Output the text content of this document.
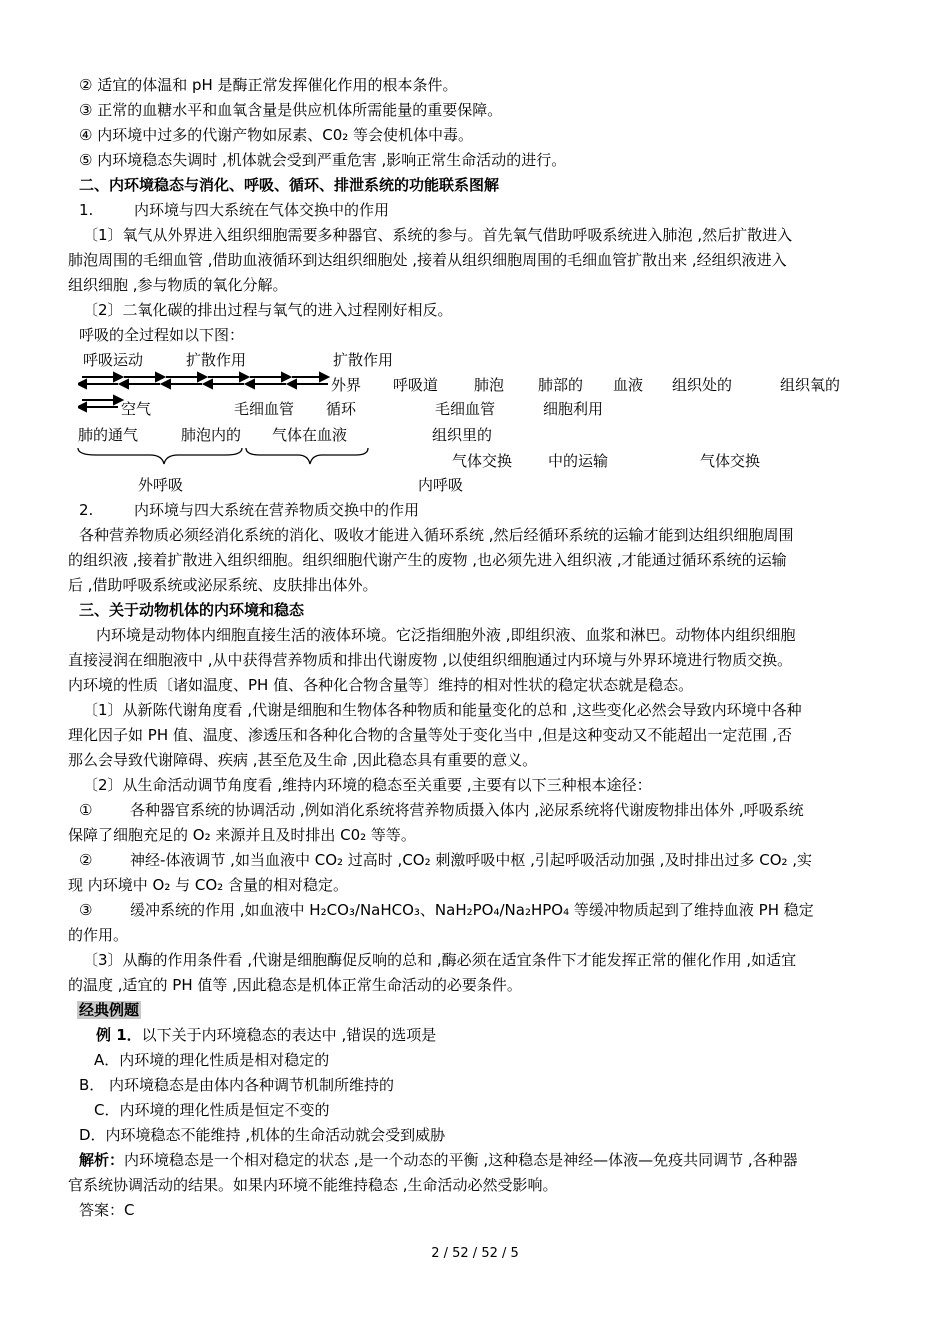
② 适宜的体温和 pH 是酶正常发挥催化作用的根本条件。
③ 正常的血糖水平和血氧含量是供应机体所需能量的重要保障。
④ 内环境中过多的代谢产物如尿素、C0₂ 等会使机体中毒。
⑤ 内环境稳态失调时 ,机体就会受到严重危害 ,影响正常生命活动的进行。
二、内环境稳态与消化、呼吸、循环、排泄系统的功能联系图解
1.	内环境与四大系统在气体交换中的作用
〔1〕氧气从外界进入组织细胞需要多种器官、系统的参与。首先氧气借助呼吸系统进入肺泡 ,然后扩散进入
肺泡周围的毛细血管 ,借助血液循环到达组织细胞处 ,接着从组织细胞周围的毛细血管扩散出来 ,经组织液进入
组织细胞 ,参与物质的氧化分解。
〔2〕二氧化碳的排出过程与氧气的进入过程刚好相反。
呼吸的全过程如以下图：
呼吸运动	扩散作用	扩散作用
外界 呼吸道 肺泡 肺部的 血液 组织处的	组织氧的
空气	毛细血管 循环	毛细血管	细胞利用
肺的通气	肺泡内的 气体在血液	组织里的
气体交换 中的运输	气体交换
外呼吸	内呼吸
2.	内环境与四大系统在营养物质交换中的作用
各种营养物质必须经消化系统的消化、吸收才能进入循环系统 ,然后经循环系统的运输才能到达组织细胞周围
的组织液 ,接着扩散进入组织细胞。组织细胞代谢产生的废物 ,也必须先进入组织液 ,才能通过循环系统的运输
后 ,借助呼吸系统或泌尿系统、皮肤排出体外。
三、关于动物机体的内环境和稳态
内环境是动物体内细胞直接生活的液体环境。它泛指细胞外液 ,即组织液、血浆和淋巴。动物体内组织细胞
直接浸润在细胞液中 ,从中获得营养物质和排出代谢废物 ,以使组织细胞通过内环境与外界环境进行物质交换。
内环境的性质〔诸如温度、PH 值、各种化合物含量等〕维持的相对性状的稳定状态就是稳态。
〔1〕从新陈代谢角度看 ,代谢是细胞和生物体各种物质和能量变化的总和 ,这些变化必然会导致内环境中各种
理化因子如 PH 值、温度、渗透压和各种化合物的含量等处于变化当中 ,但是这种变动又不能超出一定范围 ,否
那么会导致代谢障碍、疾病 ,甚至危及生命 ,因此稳态具有重要的意义。
〔2〕从生命活动调节角度看 ,维持内环境的稳态至关重要 ,主要有以下三种根本途径：
①	各种器官系统的协调活动 ,例如消化系统将营养物质摄入体内 ,泌尿系统将代谢废物排出体外 ,呼吸系统
保障了细胞充足的 O₂ 来源并且及时排出 C0₂ 等等。
②	神经-体液调节 ,如当血液中 CO₂ 过高时 ,CO₂ 刺激呼吸中枢 ,引起呼吸活动加强 ,及时排出过多 CO₂ ,实
现 内环境中 O₂ 与 CO₂ 含量的相对稳定。
③	缓冲系统的作用 ,如血液中 H₂CO₃/NaHCO₃、NaH₂PO₄/Na₂HPO₄ 等缓冲物质起到了维持血液 PH 稳定
的作用。
〔3〕从酶的作用条件看 ,代谢是细胞酶促反响的总和 ,酶必须在适宜条件下才能发挥正常的催化作用 ,如适宜
的温度 ,适宜的 PH 值等 ,因此稳态是机体正常生命活动的必要条件。
经典例题
例 1．以下关于内环境稳态的表达中 ,错误的选项是
A．内环境的理化性质是相对稳定的
B． 内环境稳态是由体内各种调节机制所维持的
C．内环境的理化性质是恒定不变的
D．内环境稳态不能维持 ,机体的生命活动就会受到威胁
解析：内环境稳态是一个相对稳定的状态 ,是一个动态的平衡 ,这种稳态是神经—体液—免疫共同调节 ,各种器
官系统协调活动的结果。如果内环境不能维持稳态 ,生命活动必然受影响。
答案：C
2 / 52 / 52 / 5
